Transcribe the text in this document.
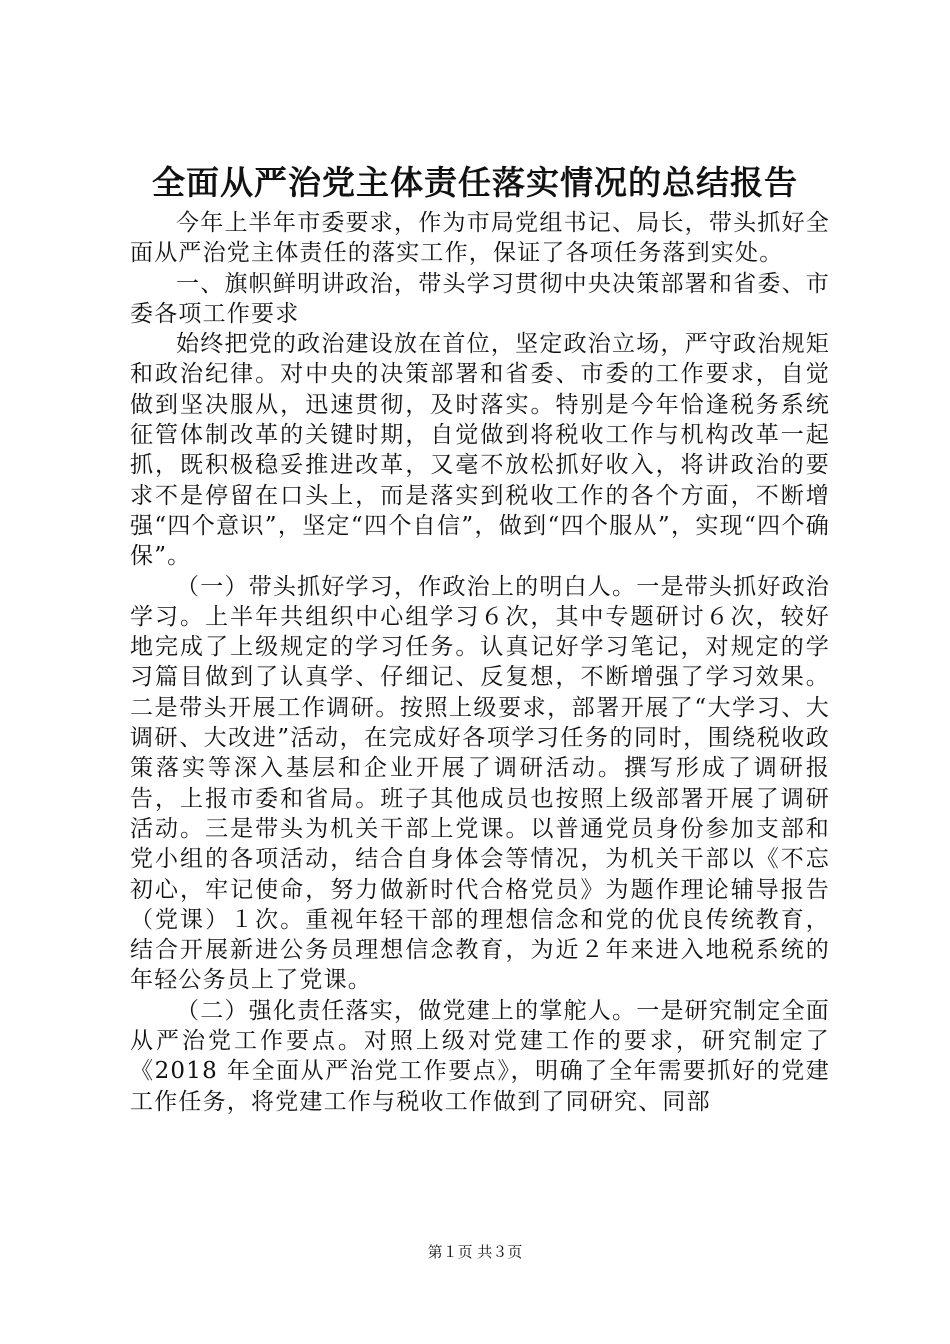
全面从严治党主体责任落实情况的总结报告

今年上半年市委要求，作为市局党组书记、局长，带头抓好全面从严治党主体责任的落实工作，保证了各项任务落到实处。

一、旗帜鲜明讲政治，带头学习贯彻中央决策部署和省委、市委各项工作要求

始终把党的政治建设放在首位，坚定政治立场，严守政治规矩和政治纪律。对中央的决策部署和省委、市委的工作要求，自觉做到坚决服从，迅速贯彻，及时落实。特别是今年恰逢税务系统征管体制改革的关键时期，自觉做到将税收工作与机构改革一起抓，既积极稳妥推进改革，又毫不放松抓好收入，将讲政治的要求不是停留在口头上，而是落实到税收工作的各个方面，不断增强“四个意识”，坚定“四个自信”，做到“四个服从”，实现“四个确保”。

（一）带头抓好学习，作政治上的明白人。一是带头抓好政治学习。上半年共组织中心组学习６次，其中专题研讨６次，较好地完成了上级规定的学习任务。认真记好学习笔记，对规定的学习篇目做到了认真学、仔细记、反复想，不断增强了学习效果。二是带头开展工作调研。按照上级要求，部署开展了“大学习、大调研、大改进”活动，在完成好各项学习任务的同时，围绕税收政策落实等深入基层和企业开展了调研活动。撰写形成了调研报告，上报市委和省局。班子其他成员也按照上级部署开展了调研活动。三是带头为机关干部上党课。以普通党员身份参加支部和党小组的各项活动，结合自身体会等情况，为机关干部以《不忘初心，牢记使命，努力做新时代合格党员》为题作理论辅导报告（党课）１次。重视年轻干部的理想信念和党的优良传统教育，结合开展新进公务员理想信念教育，为近２年来进入地税系统的年轻公务员上了党课。

（二）强化责任落实，做党建上的掌舵人。一是研究制定全面从严治党工作要点。对照上级对党建工作的要求，研究制定了《2018 年全面从严治党工作要点》，明确了全年需要抓好的党建工作任务，将党建工作与税收工作做到了同研究、同部

第１页 共３页
